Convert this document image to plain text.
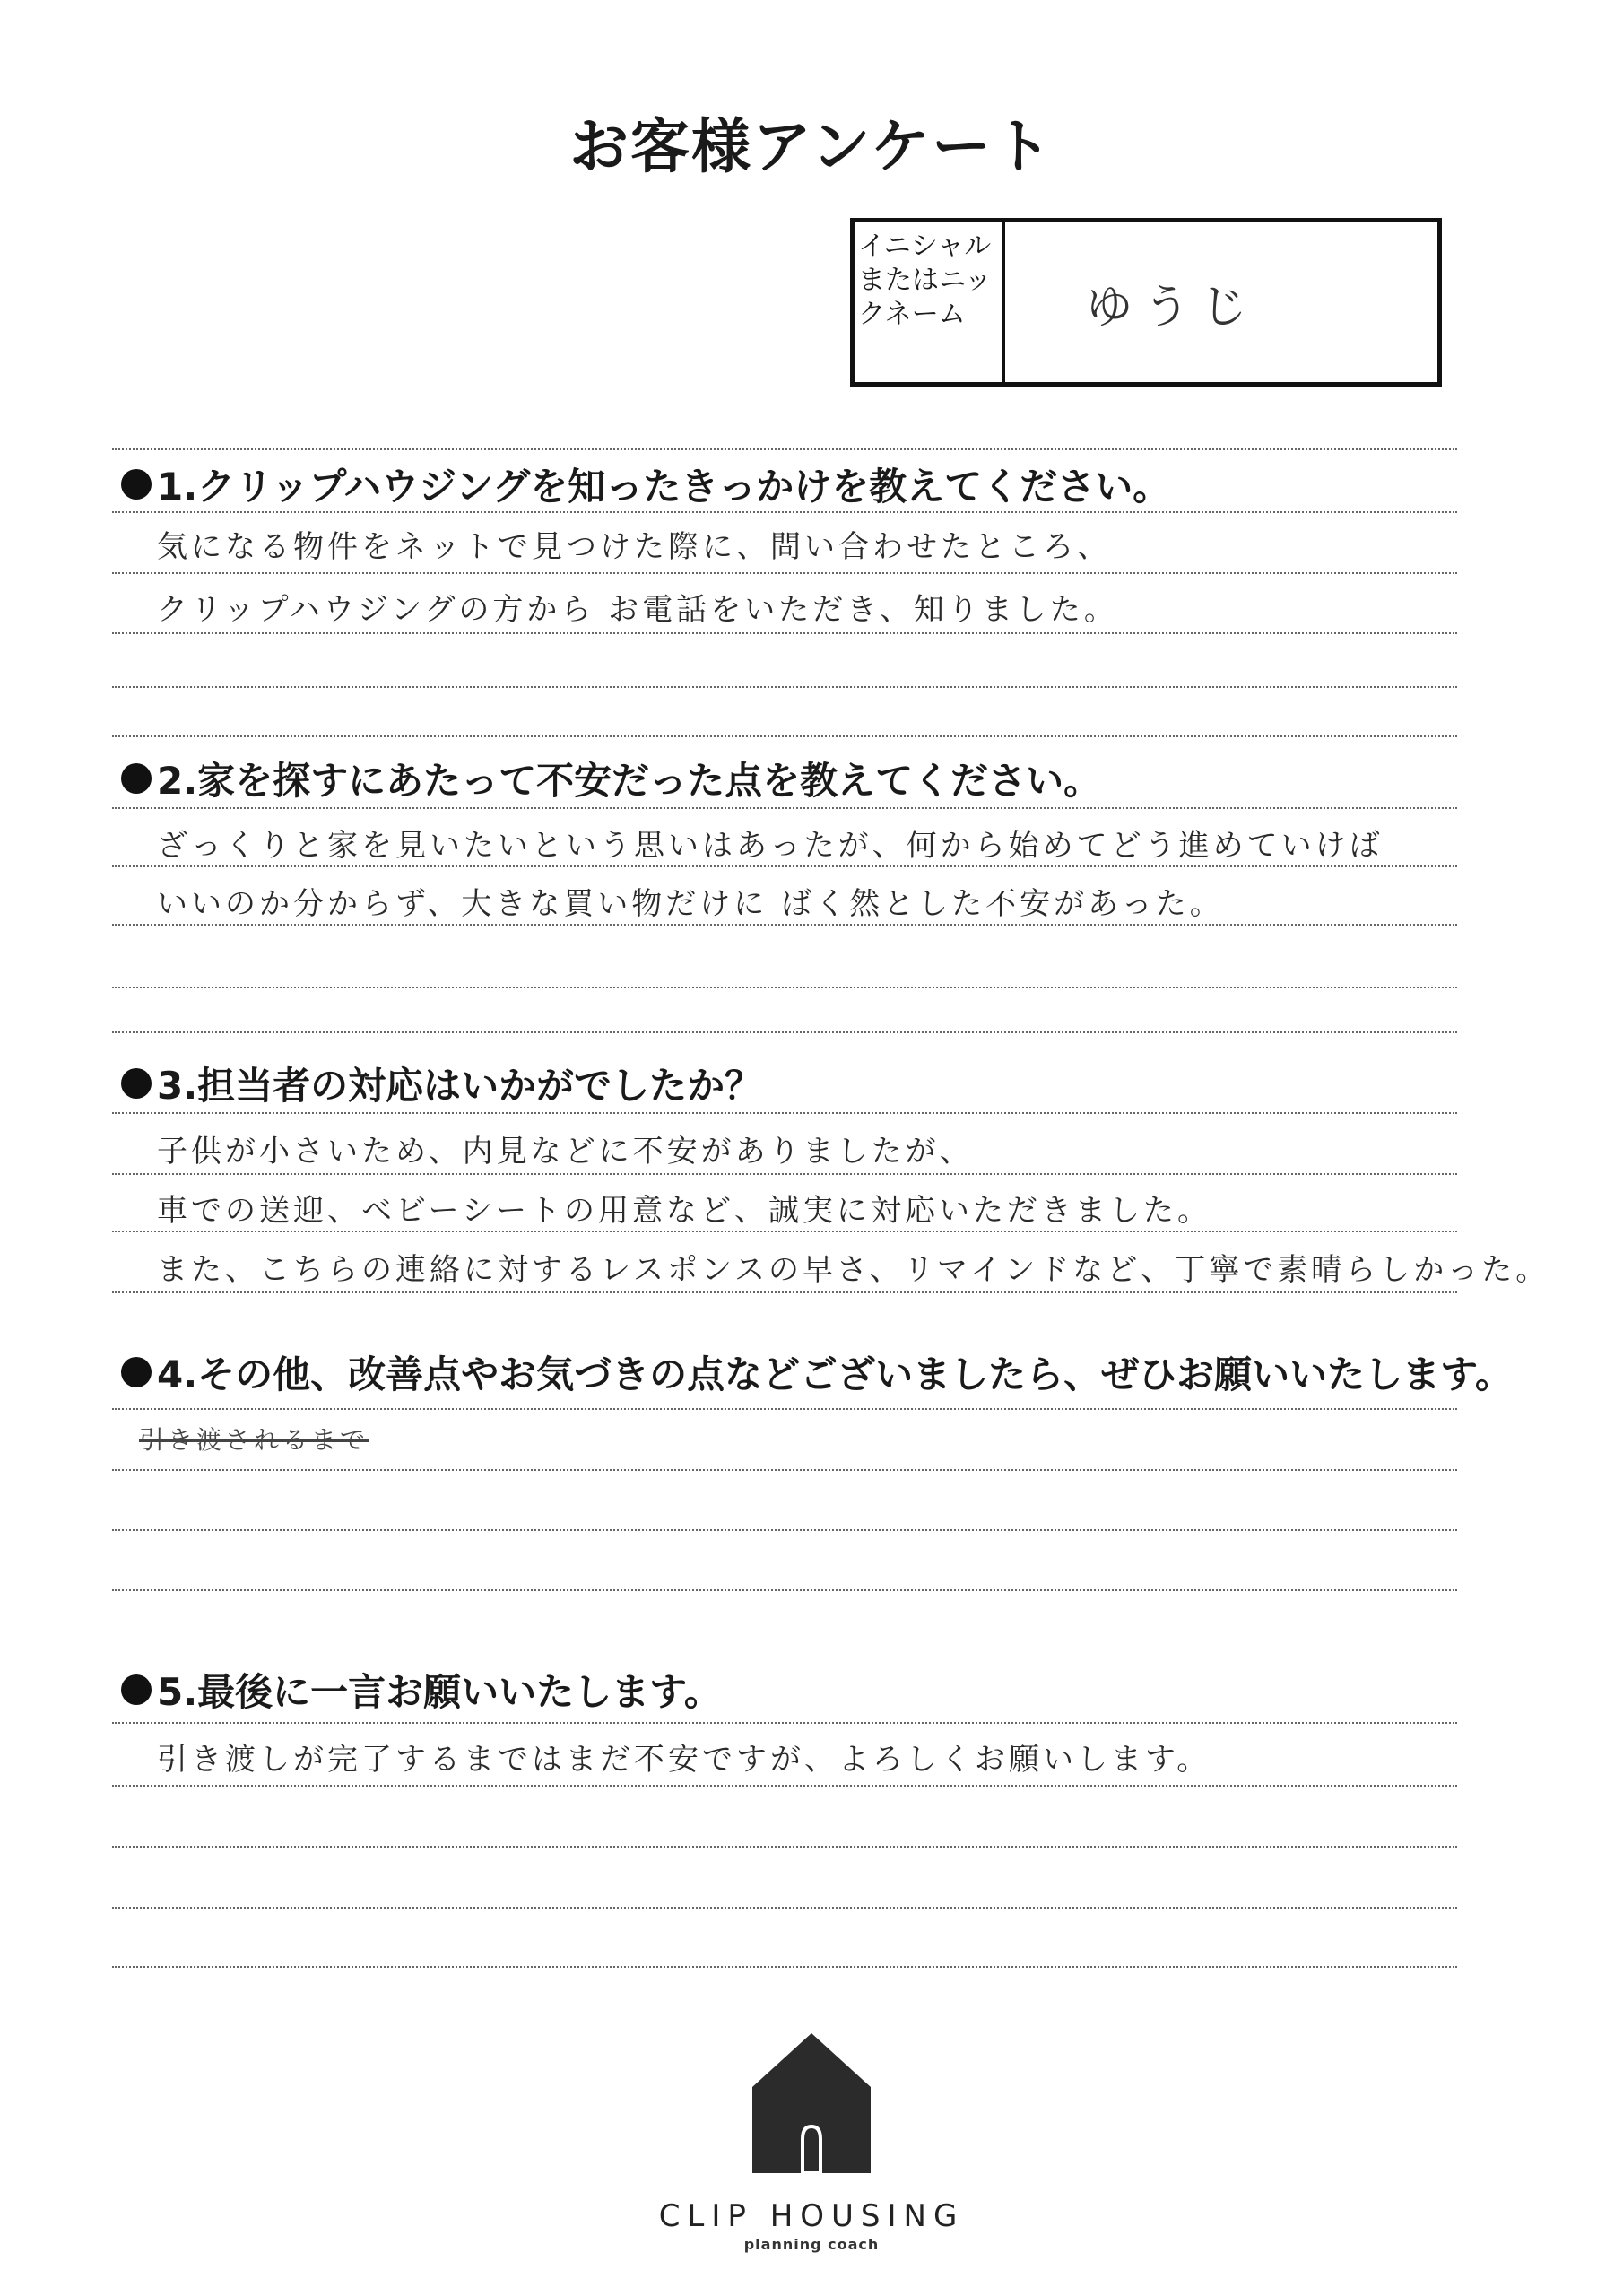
お客様アンケート
イニシャルまたはニックネーム	ゆうじ
1.クリップハウジングを知ったきっかけを教えてください。
気になる物件をネットで見つけた際に、問い合わせたところ、
クリップハウジングの方から お電話をいただき、知りました。
2.家を探すにあたって不安だった点を教えてください。
ざっくりと家を見いたいという思いはあったが、何から始めてどう進めていけば
いいのか分からず、大きな買い物だけに ばく然とした不安があった。
3.担当者の対応はいかがでしたか？
子供が小さいため、内見などに不安がありましたが、
車での送迎、ベビーシートの用意など、誠実に対応いただきました。
また、こちらの連絡に対するレスポンスの早さ、リマインドなど、丁寧で素晴らしかった。
4.その他、改善点やお気づきの点などございましたら、ぜひお願いいたします。
引き渡されるまで
5.最後に一言お願いいたします。
引き渡しが完了するまではまだ不安ですが、よろしくお願いします。
CLIP HOUSING
planning coach
